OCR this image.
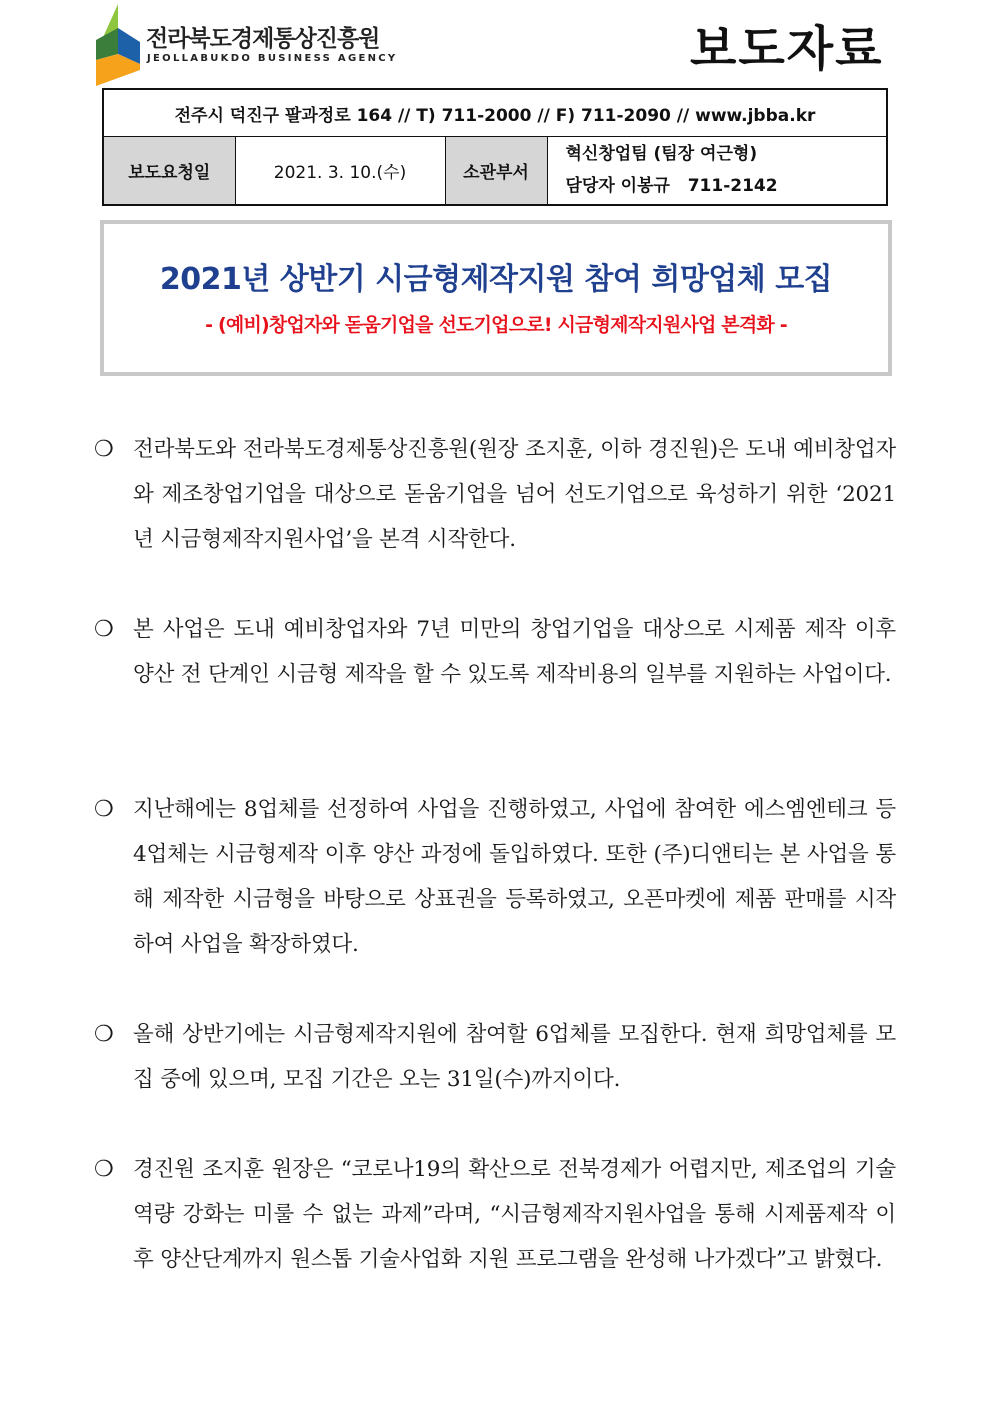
전라북도경제통상진흥원
JEOLLABUKDO BUSINESS AGENCY	보도자료
전주시 덕진구 팔과정로 164 // T) 711-2000 // F) 711-2090 // www.jbba.kr
보도요청일	2021. 3. 10.(수)	소관부서	
혁신창업팀 (팀장 여근형)
담당자 이봉규   711-2142
2021년 상반기 시금형제작지원 참여 희망업체 모집
- (예비)창업자와 돋움기업을 선도기업으로! 시금형제작지원사업 본격화 -
❍ 전라북도와 전라북도경제통상진흥원(원장 조지훈, 이하 경진원)은 도내 예비창업자와 제조창업기업을 대상으로 돋움기업을 넘어 선도기업으로 육성하기 위한 ‘2021년 시금형제작지원사업’을 본격 시작한다.
❍ 본 사업은 도내 예비창업자와 7년 미만의 창업기업을 대상으로 시제품 제작 이후 양산 전 단계인 시금형 제작을 할 수 있도록 제작비용의 일부를 지원하는 사업이다.
❍ 지난해에는 8업체를 선정하여 사업을 진행하였고, 사업에 참여한 에스엠엔테크 등 4업체는 시금형제작 이후 양산 과정에 돌입하였다. 또한 (주)디앤티는 본 사업을 통해 제작한 시금형을 바탕으로 상표권을 등록하였고, 오픈마켓에 제품 판매를 시작하여 사업을 확장하였다.
❍ 올해 상반기에는 시금형제작지원에 참여할 6업체를 모집한다. 현재 희망업체를 모집 중에 있으며, 모집 기간은 오는 31일(수)까지이다.
❍ 경진원 조지훈 원장은 “코로나19의 확산으로 전북경제가 어렵지만, 제조업의 기술역량 강화는 미룰 수 없는 과제”라며, “시금형제작지원사업을 통해 시제품제작 이후 양산단계까지 원스톱 기술사업화 지원 프로그램을 완성해 나가겠다”고 밝혔다.
